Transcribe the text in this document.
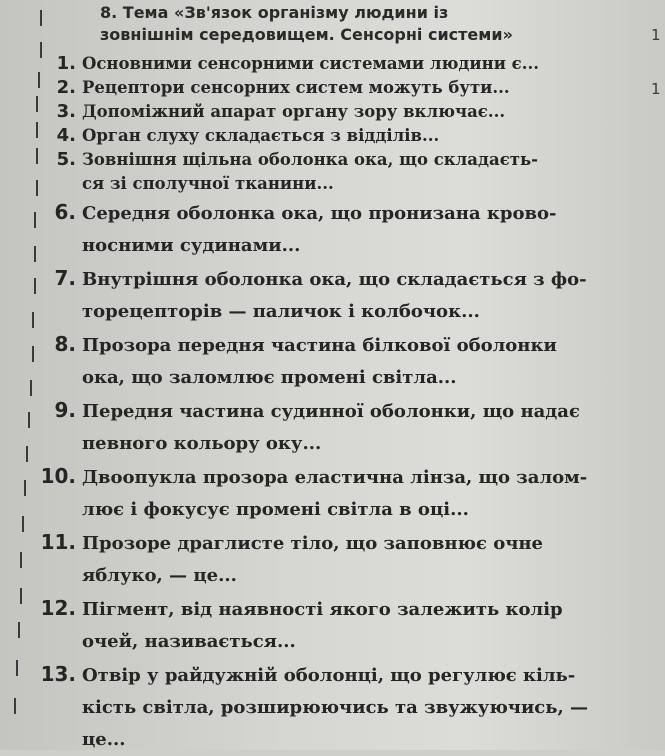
1
1
8. Тема «Зв'язок організму людини із
зовнішнім середовищем. Сенсорні системи»
1. Основними сенсорними системами людини є...
2. Рецептори сенсорних систем можуть бути...
3. Допоміжний апарат органу зору включає...
4. Орган слуху складається з відділів...
5. Зовнішня щільна оболонка ока, що складаєть-
ся зі сполучної тканини...
6. Середня оболонка ока, що пронизана крово-
носними судинами...
7. Внутрішня оболонка ока, що складається з фо-
торецепторів — паличок і колбочок...
8. Прозора передня частина білкової оболонки
ока, що заломлює промені світла...
9. Передня частина судинної оболонки, що надає
певного кольору оку...
10. Двоопукла прозора еластична лінза, що залом-
лює і фокусує промені світла в оці...
11. Прозоре драглисте тіло, що заповнює очне
яблуко, — це...
12. Пігмент, від наявності якого залежить колір
очей, називається...
13. Отвір у райдужній оболонці, що регулює кіль-
кість світла, розширюючись та звужуючись, —
це...
